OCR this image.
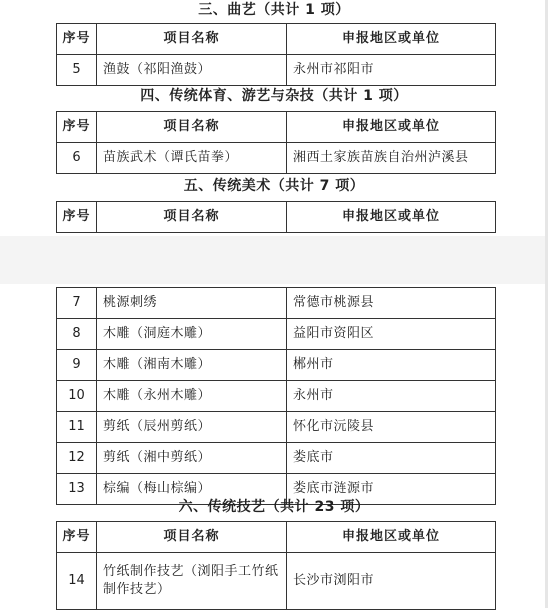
三、曲艺（共计 1 项）
序号	项目名称	申报地区或单位
5	渔鼓（祁阳渔鼓）	永州市祁阳市
四、传统体育、游艺与杂技（共计 1 项）
序号	项目名称	申报地区或单位
6	苗族武术（谭氏苗拳）	湘西土家族苗族自治州泸溪县
五、传统美术（共计 7 项）
序号	项目名称	申报地区或单位
7	桃源刺绣	常德市桃源县
8	木雕（洞庭木雕）	益阳市资阳区
9	木雕（湘南木雕）	郴州市
10	木雕（永州木雕）	永州市
11	剪纸（辰州剪纸）	怀化市沅陵县
12	剪纸（湘中剪纸）	娄底市
13	棕编（梅山棕编）	娄底市涟源市
六、传统技艺（共计 23 项）
序号	项目名称	申报地区或单位
14	竹纸制作技艺（浏阳手工竹纸制作技艺）	长沙市浏阳市
